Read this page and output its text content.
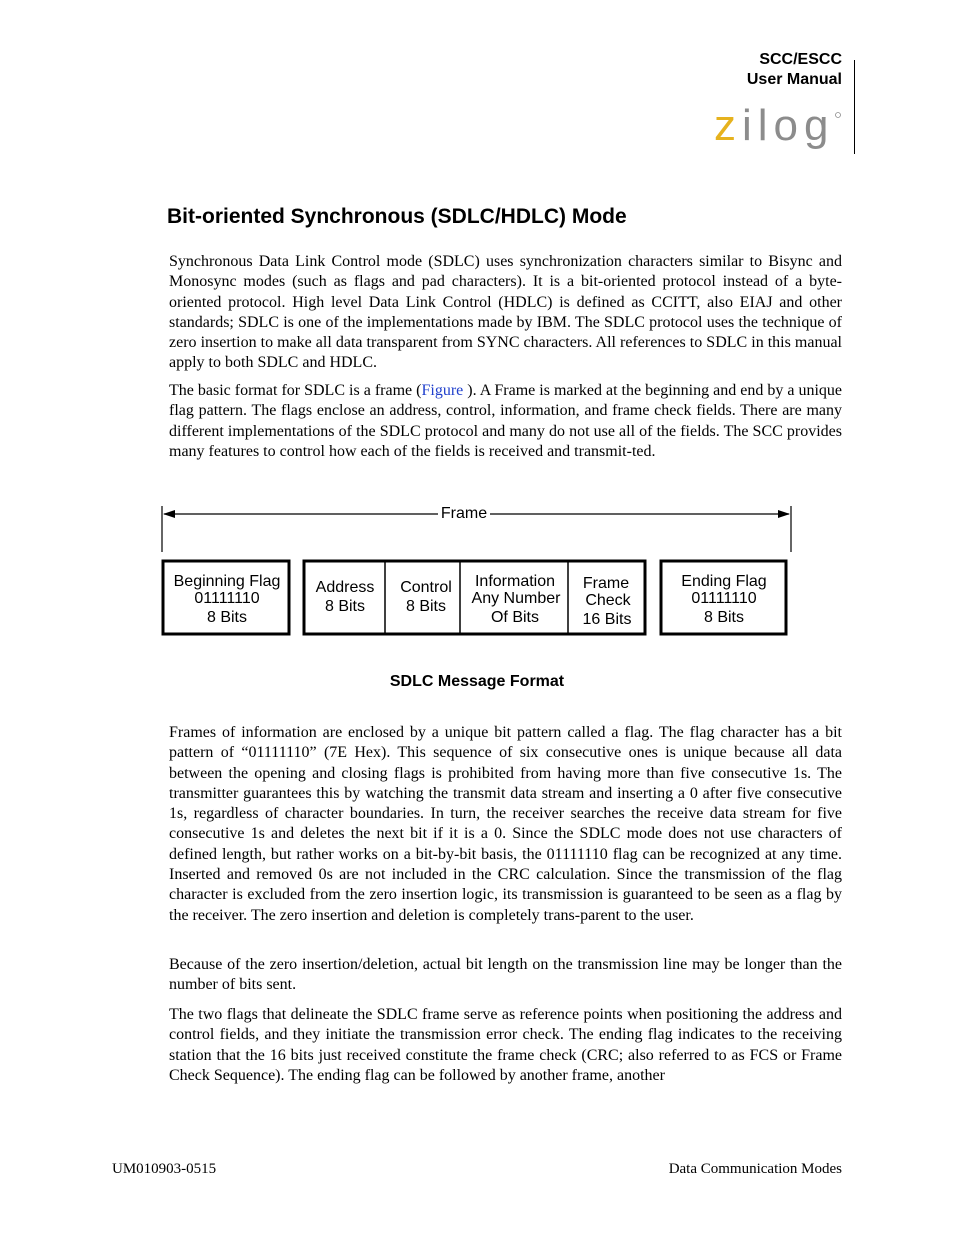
SCC/ESCC
User Manual
zilog
Bit-oriented Synchronous (SDLC/HDLC) Mode

Synchronous Data Link Control mode (SDLC) uses synchronization characters similar to Bisync and Monosync modes (such as flags and pad characters). It is a bit-oriented protocol instead of a byte-oriented protocol. High level Data Link Control (HDLC) is defined as CCITT, also EIAJ and other standards; SDLC is one of the implementations made by IBM. The SDLC protocol uses the technique of zero insertion to make all data transparent from SYNC characters. All references to SDLC in this manual apply to both SDLC and HDLC.

The basic format for SDLC is a frame (Figure ). A Frame is marked at the beginning and end by a unique flag pattern. The flags enclose an address, control, information, and frame check fields. There are many different implementations of the SDLC protocol and many do not use all of the fields. The SCC provides many features to control how each of the fields is received and transmit-ted.

Frame
Beginning Flag
01111110
8 Bits
Address
8 Bits
Control
8 Bits
Information
Any Number
Of Bits
Frame
Check
16 Bits
Ending Flag
01111110
8 Bits
SDLC Message Format

Frames of information are enclosed by a unique bit pattern called a flag. The flag character has a bit pattern of “01111110” (7E Hex). This sequence of six consecutive ones is unique because all data between the opening and closing flags is prohibited from having more than five consecutive 1s. The transmitter guarantees this by watching the transmit data stream and inserting a 0 after five consecutive 1s, regardless of character boundaries. In turn, the receiver searches the receive data stream for five consecutive 1s and deletes the next bit if it is a 0. Since the SDLC mode does not use characters of defined length, but rather works on a bit-by-bit basis, the 01111110 flag can be recognized at any time. Inserted and removed 0s are not included in the CRC calculation. Since the transmission of the flag character is excluded from the zero insertion logic, its transmission is guaranteed to be seen as a flag by the receiver. The zero insertion and deletion is completely trans-parent to the user.

Because of the zero insertion/deletion, actual bit length on the transmission line may be longer than the number of bits sent.

The two flags that delineate the SDLC frame serve as reference points when positioning the address and control fields, and they initiate the transmission error check. The ending flag indicates to the receiving station that the 16 bits just received constitute the frame check (CRC; also referred to as FCS or Frame Check Sequence). The ending flag can be followed by another frame, another

UM010903-0515	Data Communication Modes
